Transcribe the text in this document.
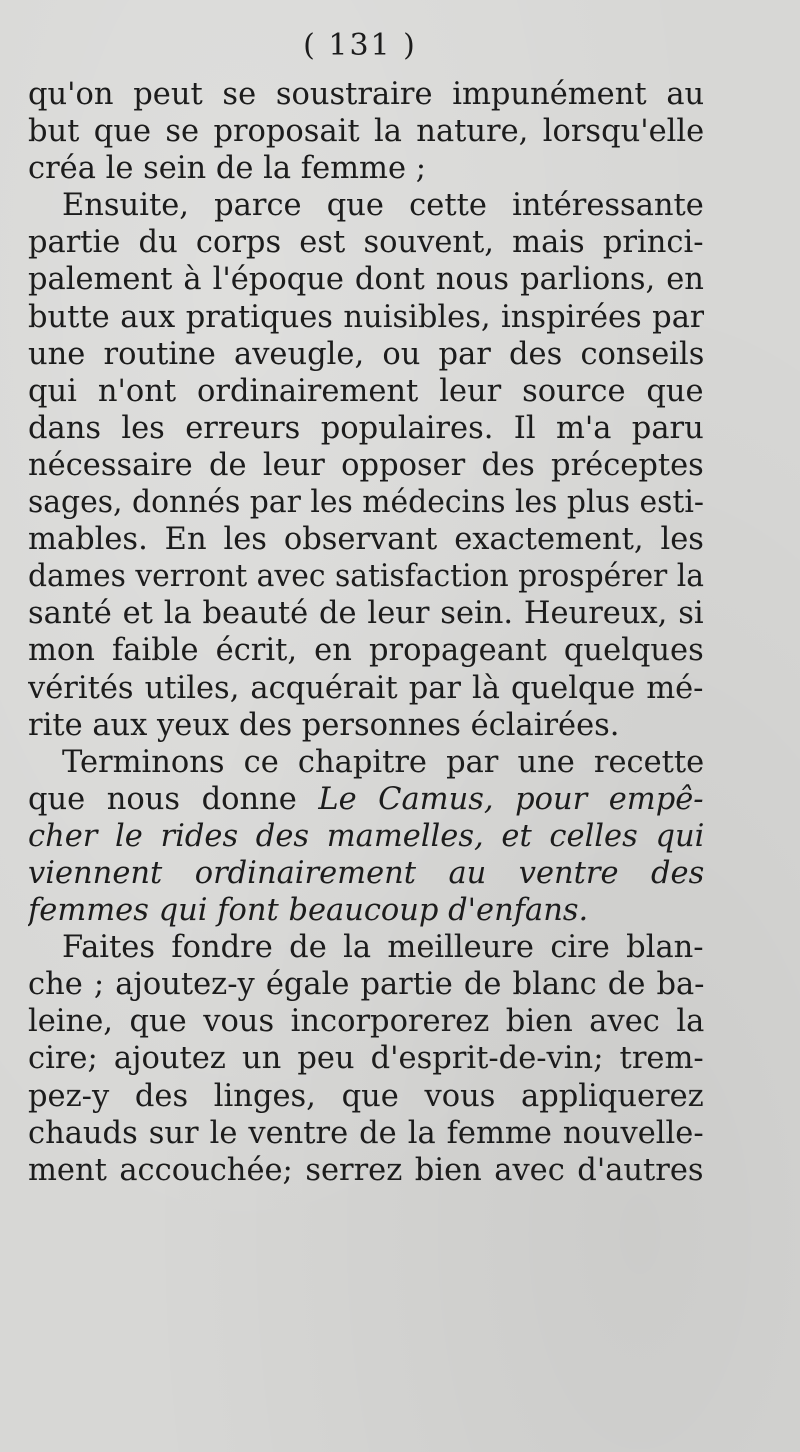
( 131 )
qu'on peut se soustraire impunément au
but que se proposait la nature, lorsqu'elle
créa le sein de la femme ;
Ensuite, parce que cette intéressante
partie du corps est souvent, mais princi-
palement à l'époque dont nous parlions, en
butte aux pratiques nuisibles, inspirées par
une routine aveugle, ou par des conseils
qui n'ont ordinairement leur source que
dans les erreurs populaires. Il m'a paru
nécessaire de leur opposer des préceptes
sages, donnés par les médecins les plus esti-
mables. En les observant exactement, les
dames verront avec satisfaction prospérer la
santé et la beauté de leur sein. Heureux, si
mon faible écrit, en propageant quelques
vérités utiles, acquérait par là quelque mé-
rite aux yeux des personnes éclairées.
Terminons ce chapitre par une recette
que nous donne Le Camus, pour empê-
cher le rides des mamelles, et celles qui
viennent ordinairement au ventre des
femmes qui font beaucoup d'enfans.
Faites fondre de la meilleure cire blan-
che ; ajoutez-y égale partie de blanc de ba-
leine, que vous incorporerez bien avec la
cire; ajoutez un peu d'esprit-de-vin; trem-
pez-y des linges, que vous appliquerez
chauds sur le ventre de la femme nouvelle-
ment accouchée; serrez bien avec d'autres
